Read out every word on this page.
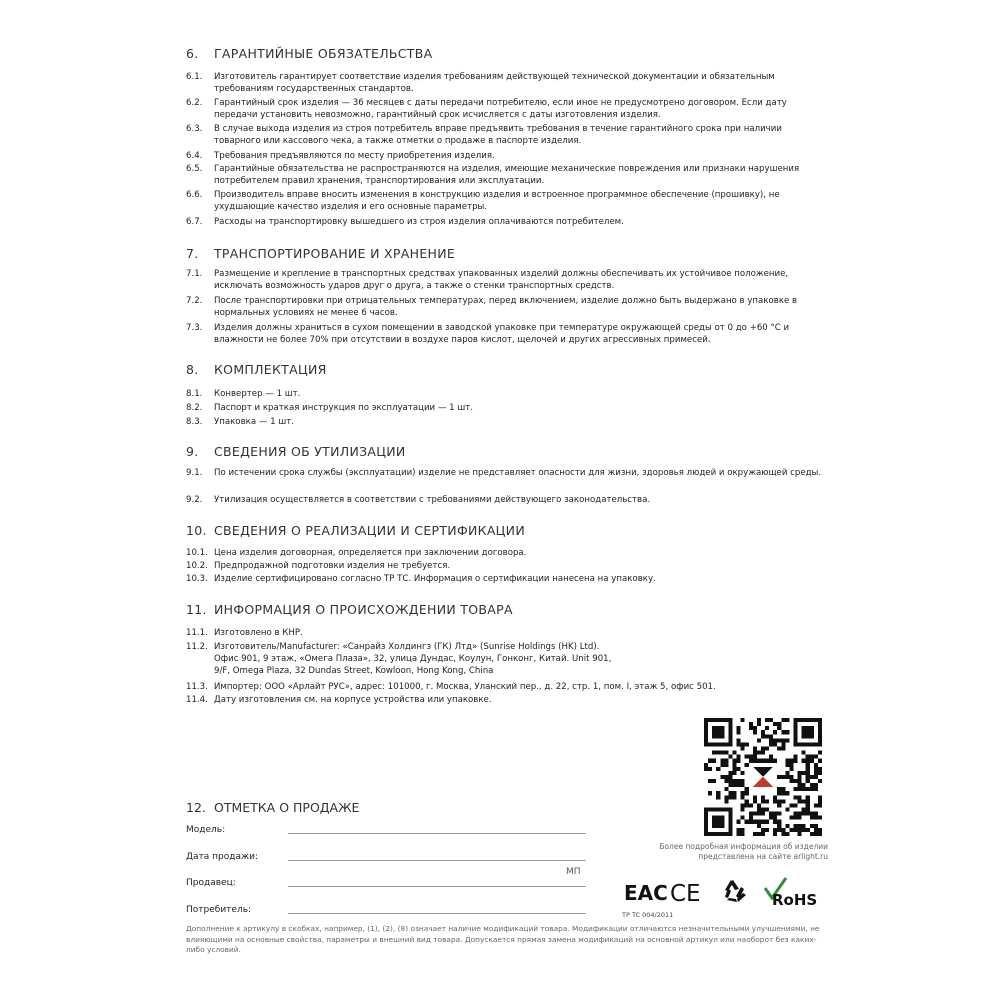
6.	ГАРАНТИЙНЫЕ ОБЯЗАТЕЛЬСТВА
6.1.	Изготовитель гарантирует соответствие изделия требованиям действующей технической документации и обязательным требованиям государственных стандартов.
6.2.	Гарантийный срок изделия — 36 месяцев с даты передачи потребителю, если иное не предусмотрено договором. Если дату передачи установить невозможно, гарантийный срок исчисляется с даты изготовления изделия.
6.3.	В случае выхода изделия из строя потребитель вправе предъявить требования в течение гарантийного срока при наличии товарного или кассового чека, а также отметки о продаже в паспорте изделия.
6.4.	Требования предъявляются по месту приобретения изделия.
6.5.	Гарантийные обязательства не распространяются на изделия, имеющие механические повреждения или признаки нарушения потребителем правил хранения, транспортирования или эксплуатации.
6.6.	Производитель вправе вносить изменения в конструкцию изделия и встроенное программное обеспечение (прошивку), не ухудшающие качество изделия и его основные параметры.
6.7.	Расходы на транспортировку вышедшего из строя изделия оплачиваются потребителем.
7.	ТРАНСПОРТИРОВАНИЕ И ХРАНЕНИЕ
7.1.	Размещение и крепление в транспортных средствах упакованных изделий должны обеспечивать их устойчивое положение, исключать возможность ударов друг о друга, а также о стенки транспортных средств.
7.2.	После транспортировки при отрицательных температурах, перед включением, изделие должно быть выдержано в упаковке в нормальных условиях не менее 6 часов.
7.3.	Изделия должны храниться в сухом помещении в заводской упаковке при температуре окружающей среды от 0 до +60 °C и влажности не более 70% при отсутствии в воздухе паров кислот, щелочей и других агрессивных примесей.
8.	КОМПЛЕКТАЦИЯ
8.1.	Конвертер — 1 шт.
8.2.	Паспорт и краткая инструкция по эксплуатации — 1 шт.
8.3.	Упаковка — 1 шт.
9.	СВЕДЕНИЯ ОБ УТИЛИЗАЦИИ
9.1.	По истечении срока службы (эксплуатации) изделие не представляет опасности для жизни, здоровья людей и окружающей среды.
9.2.	Утилизация осуществляется в соответствии с требованиями действующего законодательства.
10. СВЕДЕНИЯ О РЕАЛИЗАЦИИ И СЕРТИФИКАЦИИ
10.1. Цена изделия договорная, определяется при заключении договора.
10.2. Предпродажной подготовки изделия не требуется.
10.3. Изделие сертифицировано согласно ТР ТС. Информация о сертификации нанесена на упаковку.
11. ИНФОРМАЦИЯ О ПРОИСХОЖДЕНИИ ТОВАРА
11.1. Изготовлено в КНР.
11.2. Изготовитель/Manufacturer: «Санрайз Холдингз (ГК) Лтд» (Sunrise Holdings (HK) Ltd). Офис 901, 9 этаж, «Омега Плаза», 32, улица Дундас, Коулун, Гонконг, Китай. Unit 901, 9/F, Omega Plaza, 32 Dundas Street, Kowloon, Hong Kong, China
11.3. Импортер: ООО «Арлайт РУС», адрес: 101000, г. Москва, Уланский пер., д. 22, стр. 1, пом. I, этаж 5, офис 501.
11.4. Дату изготовления см. на корпусе устройства или упаковке.
Более подробная информация об изделии представлена на сайте arlight.ru
EAC CE	RoHS
TP TC 004/2011
12. ОТМЕТКА О ПРОДАЖЕ
Модель:
Дата продажи:
МП
Продавец:
Потребитель:
Дополнение к артикулу в скобках, например, (1), (2), (8) означает наличие модификаций товара. Модификации отличаются незначительными улучшениями, не влияющими на основные свойства, параметры и внешний вид товара. Допускается прямая замена модификаций на основной артикул или наоборот без каких-либо условий.
